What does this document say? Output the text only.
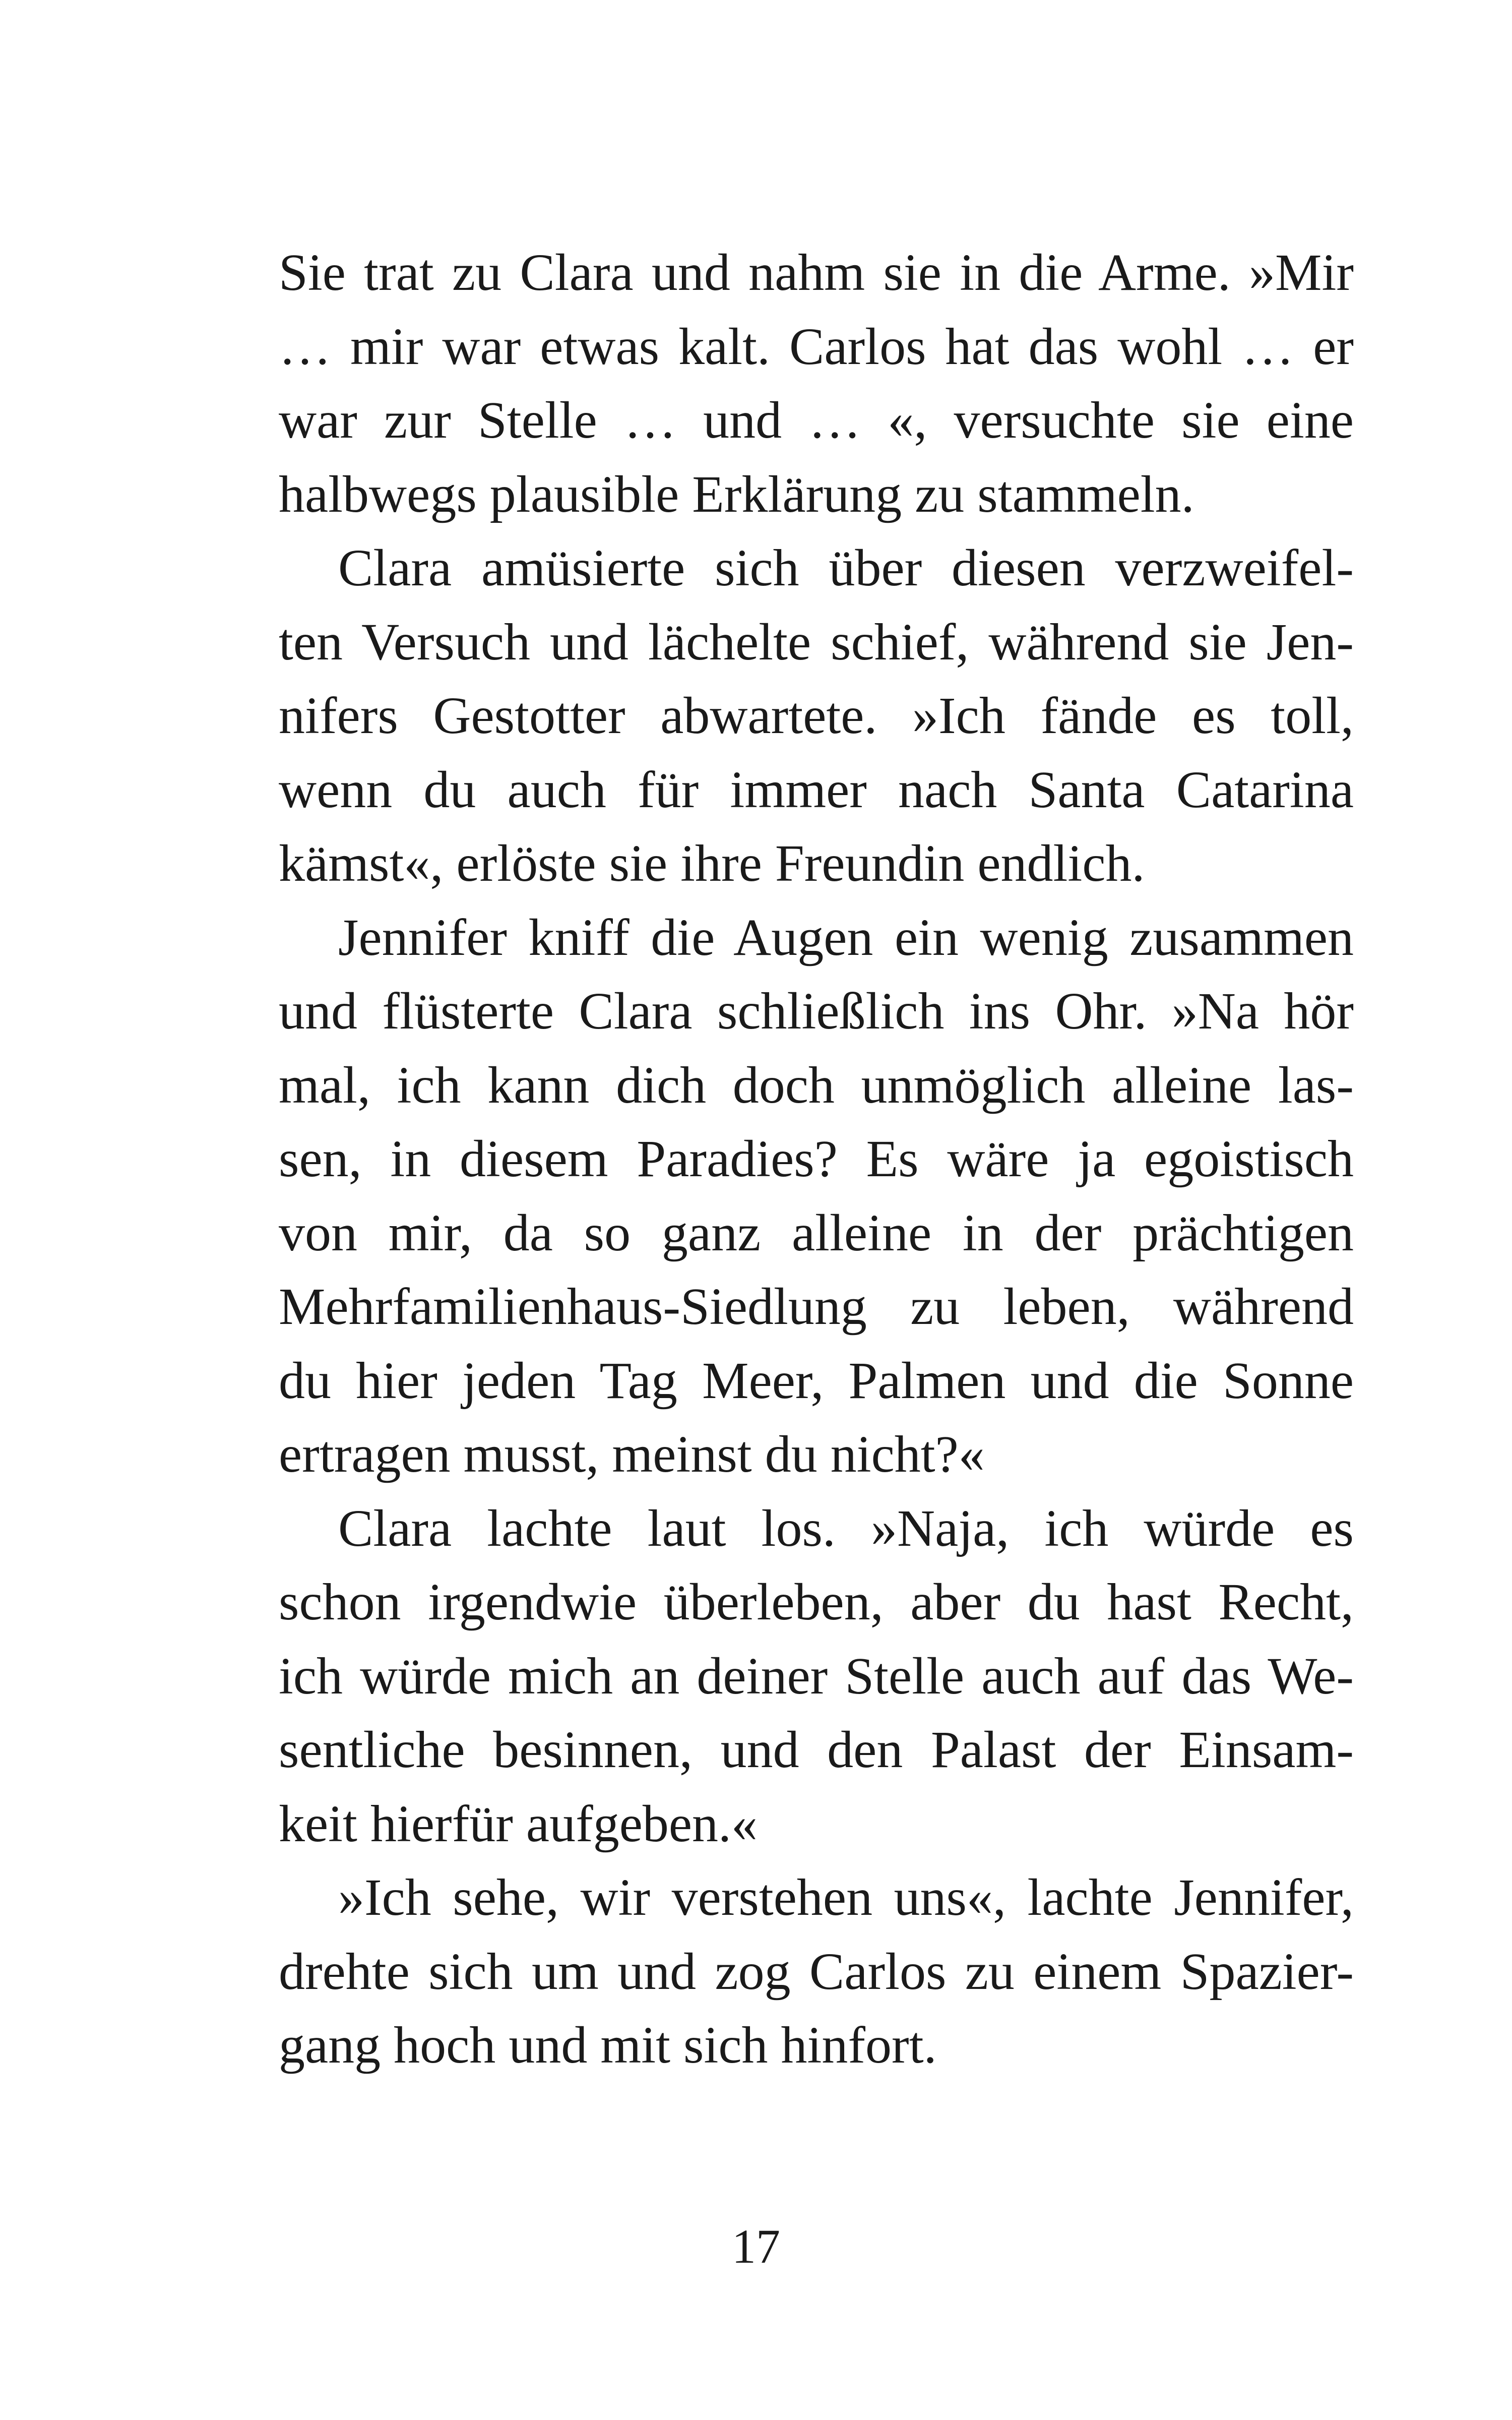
Sie trat zu Clara und nahm sie in die Arme. »Mir
… mir war etwas kalt. Carlos hat das wohl … er
war zur Stelle … und … «, versuchte sie eine
halbwegs plausible Erklärung zu stammeln.
Clara amüsierte sich über diesen verzweifel-
ten Versuch und lächelte schief, während sie Jen-
nifers Gestotter abwartete. »Ich fände es toll,
wenn du auch für immer nach Santa Catarina
kämst«, erlöste sie ihre Freundin endlich.
Jennifer kniff die Augen ein wenig zusammen
und flüsterte Clara schließlich ins Ohr. »Na hör
mal, ich kann dich doch unmöglich alleine las-
sen, in diesem Paradies? Es wäre ja egoistisch
von mir, da so ganz alleine in der prächtigen
Mehrfamilienhaus-Siedlung zu leben, während
du hier jeden Tag Meer, Palmen und die Sonne
ertragen musst, meinst du nicht?«
Clara lachte laut los. »Naja, ich würde es
schon irgendwie überleben, aber du hast Recht,
ich würde mich an deiner Stelle auch auf das We-
sentliche besinnen, und den Palast der Einsam-
keit hierfür aufgeben.«
»Ich sehe, wir verstehen uns«, lachte Jennifer,
drehte sich um und zog Carlos zu einem Spazier-
gang hoch und mit sich hinfort.
17
